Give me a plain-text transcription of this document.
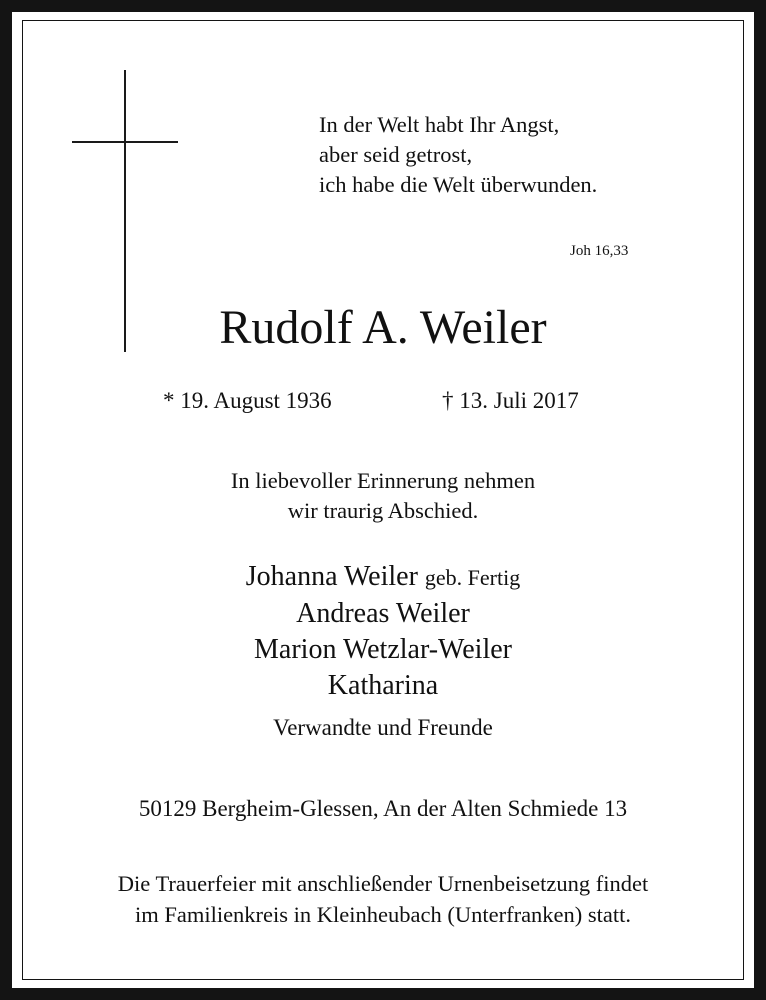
In der Welt habt Ihr Angst,
aber seid getrost,
ich habe die Welt überwunden.
Joh 16,33
Rudolf A. Weiler
* 19. August 1936	† 13. Juli 2017
In liebevoller Erinnerung nehmen
wir traurig Abschied.
Johanna Weiler geb. Fertig
Andreas Weiler
Marion Wetzlar-Weiler
Katharina
Verwandte und Freunde
50129 Bergheim-Glessen, An der Alten Schmiede 13
Die Trauerfeier mit anschließender Urnenbeisetzung findet
im Familienkreis in Kleinheubach (Unterfranken) statt.
